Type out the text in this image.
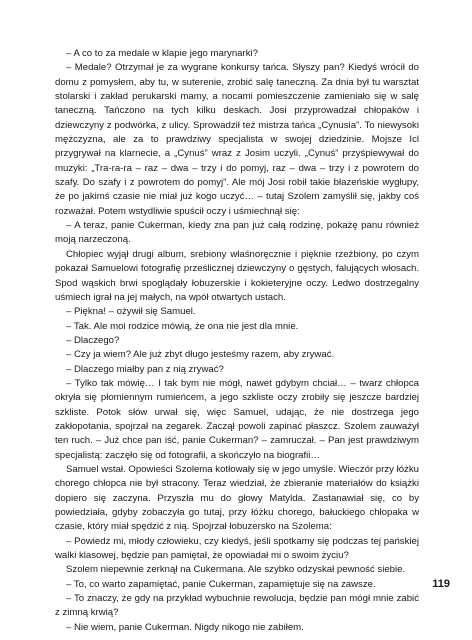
– A co to za medale w klapie jego marynarki?

– Medale? Otrzymał je za wygrane konkursy tańca. Słyszy pan? Kiedyś wrócił do domu z pomysłem, aby tu, w suterenie, zrobić salę taneczną. Za dnia był tu warsztat stolarski i zakład perukarski mamy, a nocami pomieszczenie zamieniało się w salę taneczną. Tańczono na tych kilku deskach. Josi przyprowadzał chłopaków i dziewczyny z podwórka, z ulicy. Sprowadził też mistrza tańca „Cynusia”. To niewysoki mężczyzna, ale za to prawdziwy specjalista w swojej dziedzinie. Mojsze Icl przygrywał na klarnecie, a „Cynuś” wraz z Josim uczyli. „Cynuś” przyśpiewywał do muzyki: „Tra-ra-ra – raz – dwa – trzy i do pomyj, raz – dwa – trzy i z powrotem do szafy. Do szafy i z powrotem do pomyj”. Ale mój Josi robił takie błazeńskie wygłupy, że po jakimś czasie nie miał już kogo uczyć… – tutaj Szolem zamyślił się, jakby coś rozważał. Potem wstydliwie spuścił oczy i uśmiechnął się:

– A teraz, panie Cukerman, kiedy zna pan już całą rodzinę, pokażę panu również moją narzeczoną.

Chłopiec wyjął drugi album, srebiony właśnoręcznie i pięknie rzeźbiony, po czym pokazał Samuelowi fotografię prześlicznej dziewczyny o gęstych, falujących włosach. Spod wąskich brwi spoglądały łobuzerskie i kokieteryjne oczy. Ledwo dostrzegalny uśmiech igrał na jej małych, na wpół otwartych ustach.

– Piękna! – ożywił się Samuel.

– Tak. Ale moi rodzice mówią, że ona nie jest dla mnie.

– Dlaczego?

– Czy ja wiem? Ale już zbyt długo jesteśmy razem, aby zrywać.

– Dlaczego miałby pan z nią zrywać?

– Tylko tak mówię… I tak bym nie mógł, nawet gdybym chciał… – twarz chłopca okryła się płomiennym rumieńcem, a jego szkliste oczy zrobiły się jeszcze bardziej szkliste. Potok słów urwał się, więc Samuel, udając, że nie dostrzega jego zakłopotania, spojrzał na zegarek. Zaczął powoli zapinać płaszcz. Szolem zauważył ten ruch. – Już chce pan iść, panie Cukerman? – zamruczał. – Pan jest prawdziwym specjalistą: zaczęło się od fotografii, a skończyło na biografii…

Samuel wstał. Opowieści Szolema kotłowały się w jego umyśle. Wieczór przy łóżku chorego chłopca nie był stracony. Teraz wiedział, że zbieranie materiałów do książki dopiero się zaczyna. Przyszła mu do głowy Matylda. Zastanawiał się, co by powiedziała, gdyby zobaczyła go tutaj, przy łóżku chorego, bałuckiego chłopaka w czasie, który miał spędzić z nią. Spojrzał łobuzersko na Szolema:

– Powiedz mi, młody człowieku, czy kiedyś, jeśli spotkamy się podczas tej pańskiej walki klasowej, będzie pan pamiętał, że opowiadał mi o swoim życiu?

Szolem niepewnie zerknął na Cukermana. Ale szybko odzyskał pewność siebie.

– To, co warto zapamiętać, panie Cukerman, zapamiętuje się na zawsze.

– To znaczy, że gdy na przykład wybuchnie rewolucja, będzie pan mógł mnie zabić z zimną krwią?

– Nie wiem, panie Cukerman. Nigdy nikogo nie zabiłem.

119
